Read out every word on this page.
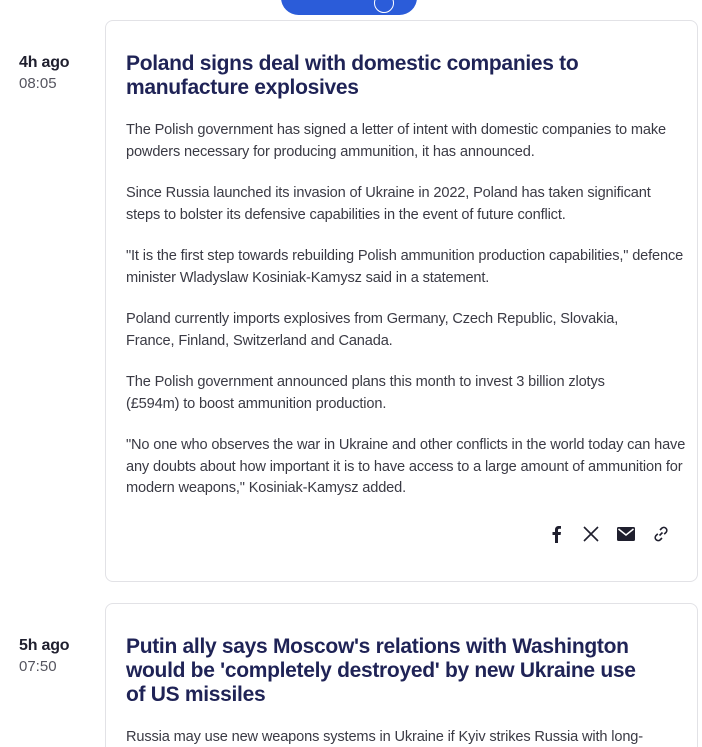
4h ago
08:05
Poland signs deal with domestic companies to manufacture explosives

The Polish government has signed a letter of intent with domestic companies to make powders necessary for producing ammunition, it has announced.

Since Russia launched its invasion of Ukraine in 2022, Poland has taken significant steps to bolster its defensive capabilities in the event of future conflict.

"It is the first step towards rebuilding Polish ammunition production capabilities," defence minister Wladyslaw Kosiniak-Kamysz said in a statement.

Poland currently imports explosives from Germany, Czech Republic, Slovakia, France, Finland, Switzerland and Canada.

The Polish government announced plans this month to invest 3 billion zlotys (£594m) to boost ammunition production.

"No one who observes the war in Ukraine and other conflicts in the world today can have any doubts about how important it is to have access to a large amount of ammunition for modern weapons," Kosiniak-Kamysz added.

5h ago
07:50
Putin ally says Moscow's relations with Washington would be 'completely destroyed' by new Ukraine use of US missiles

Russia may use new weapons systems in Ukraine if Kyiv strikes Russia with long-
